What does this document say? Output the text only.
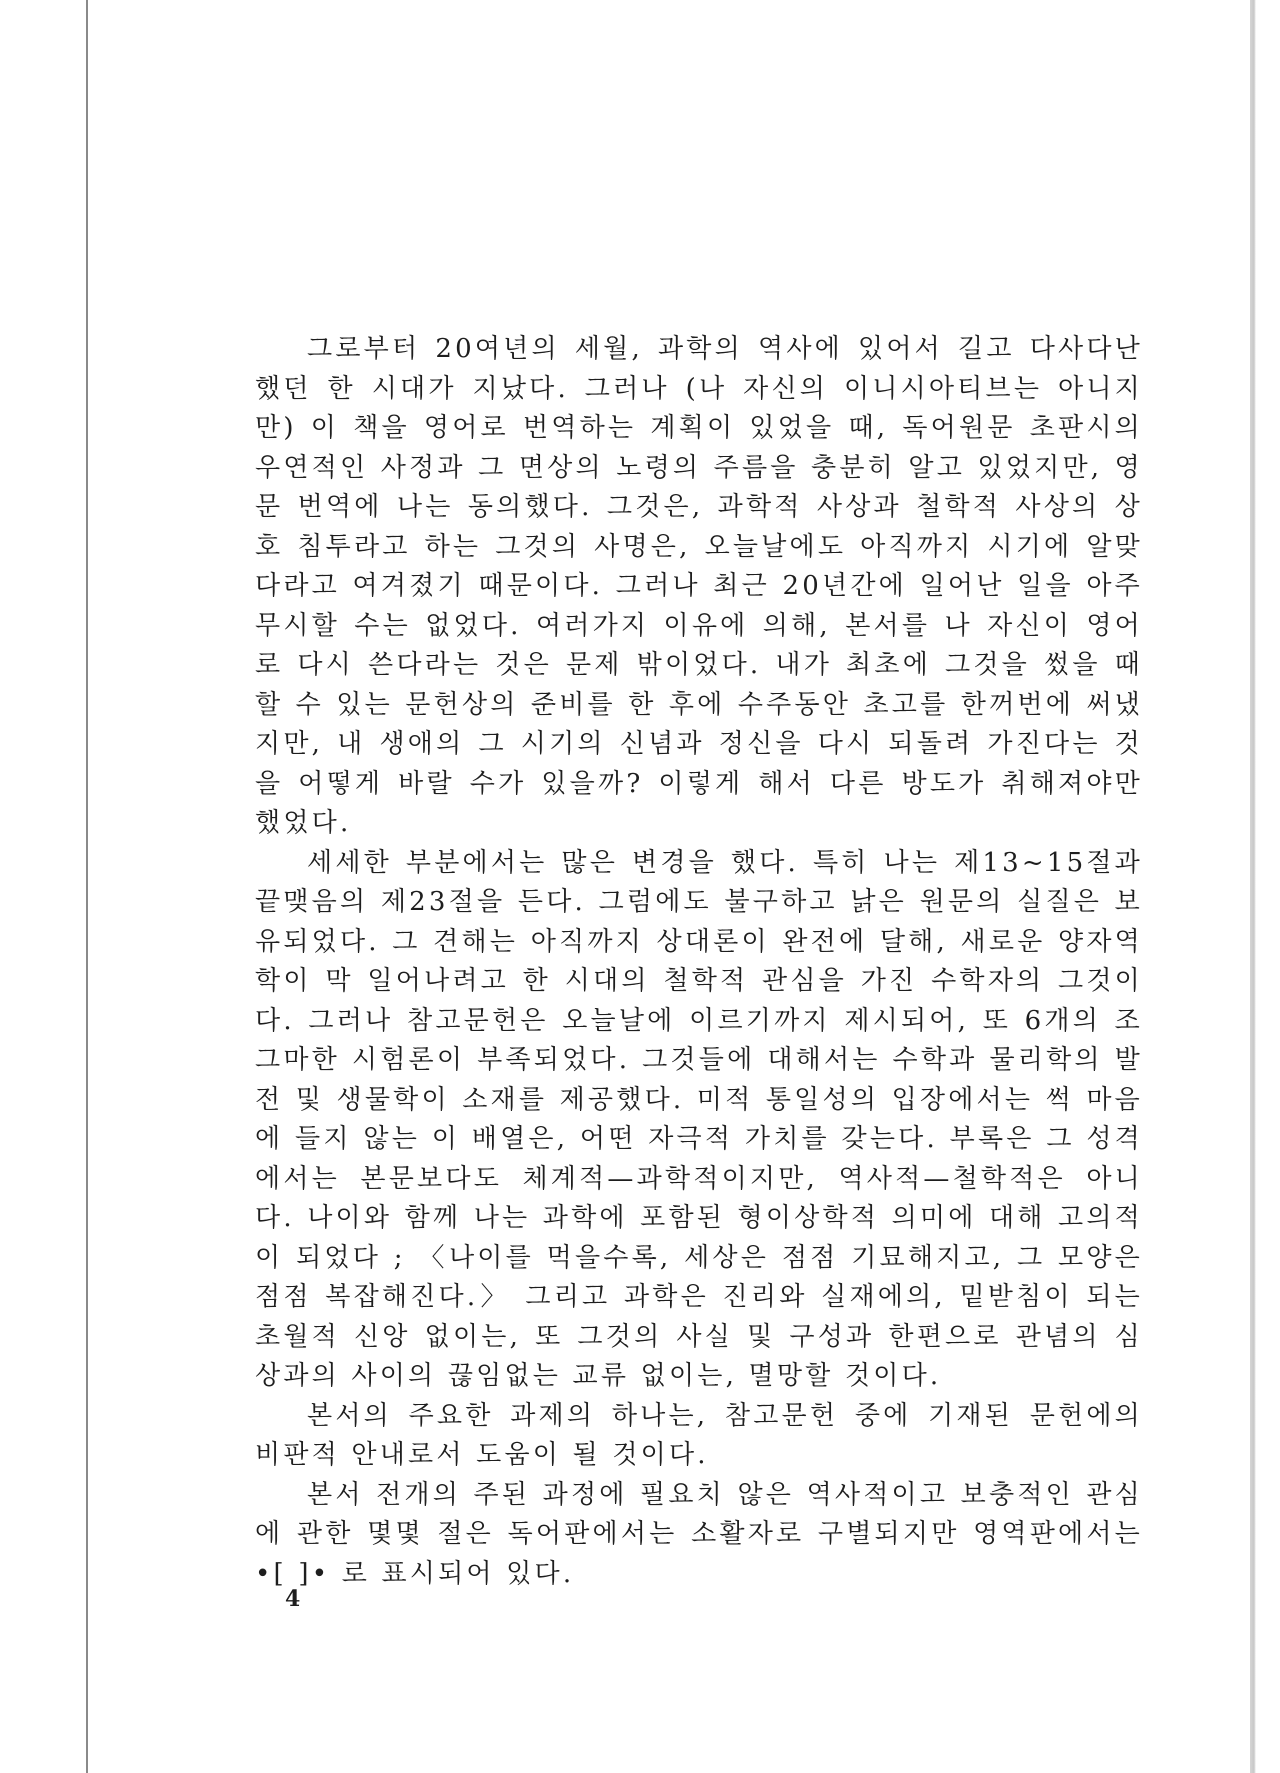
그로부터 20여년의 세월, 과학의 역사에 있어서 길고 다사다난했던 한 시대가 지났다. 그러나 (나 자신의 이니시아티브는 아니지만) 이 책을 영어로 번역하는 계획이 있었을 때, 독어원문 초판시의 우연적인 사정과 그 면상의 노령의 주름을 충분히 알고 있었지만, 영문 번역에 나는 동의했다. 그것은, 과학적 사상과 철학적 사상의 상호 침투라고 하는 그것의 사명은, 오늘날에도 아직까지 시기에 알맞다라고 여겨졌기 때문이다. 그러나 최근 20년간에 일어난 일을 아주 무시할 수는 없었다. 여러가지 이유에 의해, 본서를 나 자신이 영어로 다시 쓴다라는 것은 문제 밖이었다. 내가 최초에 그것을 썼을 때 할 수 있는 문헌상의 준비를 한 후에 수주동안 초고를 한꺼번에 써냈지만, 내 생애의 그 시기의 신념과 정신을 다시 되돌려 가진다는 것을 어떻게 바랄 수가 있을까? 이렇게 해서 다른 방도가 취해져야만 했었다.

세세한 부분에서는 많은 변경을 했다. 특히 나는 제13~15절과 끝맺음의 제23절을 든다. 그럼에도 불구하고 낡은 원문의 실질은 보유되었다. 그 견해는 아직까지 상대론이 완전에 달해, 새로운 양자역학이 막 일어나려고 한 시대의 철학적 관심을 가진 수학자의 그것이다. 그러나 참고문헌은 오늘날에 이르기까지 제시되어, 또 6개의 조그마한 시험론이 부족되었다. 그것들에 대해서는 수학과 물리학의 발전 및 생물학이 소재를 제공했다. 미적 통일성의 입장에서는 썩 마음에 들지 않는 이 배열은, 어떤 자극적 가치를 갖는다. 부록은 그 성격에서는 본문보다도 체계적—과학적이지만, 역사적—철학적은 아니다. 나이와 함께 나는 과학에 포함된 형이상학적 의미에 대해 고의적이 되었다 ; 〈나이를 먹을수록, 세상은 점점 기묘해지고, 그 모양은 점점 복잡해진다.〉 그리고 과학은 진리와 실재에의, 밑받침이 되는 초월적 신앙 없이는, 또 그것의 사실 및 구성과 한편으로 관념의 심상과의 사이의 끊임없는 교류 없이는, 멸망할 것이다.

본서의 주요한 과제의 하나는, 참고문헌 중에 기재된 문헌에의 비판적 안내로서 도움이 될 것이다.

본서 전개의 주된 과정에 필요치 않은 역사적이고 보충적인 관심에 관한 몇몇 절은 독어판에서는 소활자로 구별되지만 영역판에서는 •[ ]• 로 표시되어 있다.

4
